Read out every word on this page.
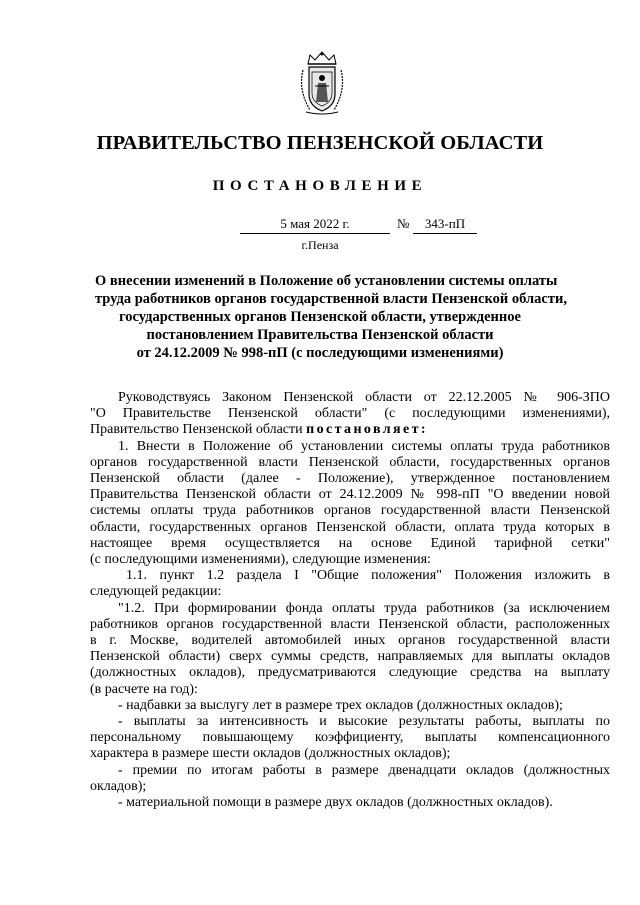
ПРАВИТЕЛЬСТВО ПЕНЗЕНСКОЙ ОБЛАСТИ
ПОСТАНОВЛЕНИЕ
5 мая 2022 г.	№	343-пП
г.Пенза
О внесении изменений в Положение об установлении системы оплаты
труда работников органов государственной власти Пензенской области,
государственных органов Пензенской области, утвержденное
постановлением Правительства Пензенской области
от 24.12.2009 № 998-пП (с последующими изменениями)
Руководствуясь Законом Пензенской области от 22.12.2005 № 906-ЗПО
"О Правительстве Пензенской области" (с последующими изменениями),
Правительство Пензенской области постановляет:
1. Внести в Положение об установлении системы оплаты труда работников
органов государственной власти Пензенской области, государственных органов
Пензенской области (далее - Положение), утвержденное постановлением
Правительства Пензенской области от 24.12.2009 № 998-пП "О введении новой
системы оплаты труда работников органов государственной власти Пензенской
области, государственных органов Пензенской области, оплата труда которых в
настоящее время осуществляется на основе Единой тарифной сетки"
(с последующими изменениями), следующие изменения:
1.1. пункт 1.2 раздела I "Общие положения" Положения изложить в
следующей редакции:
"1.2. При формировании фонда оплаты труда работников (за исключением
работников органов государственной власти Пензенской области, расположенных
в г. Москве, водителей автомобилей иных органов государственной власти
Пензенской области) сверх суммы средств, направляемых для выплаты окладов
(должностных окладов), предусматриваются следующие средства на выплату
(в расчете на год):
- надбавки за выслугу лет в размере трех окладов (должностных окладов);
- выплаты за интенсивность и высокие результаты работы, выплаты по
персональному повышающему коэффициенту, выплаты компенсационного
характера в размере шести окладов (должностных окладов);
- премии по итогам работы в размере двенадцати окладов (должностных
окладов);
- материальной помощи в размере двух окладов (должностных окладов).
